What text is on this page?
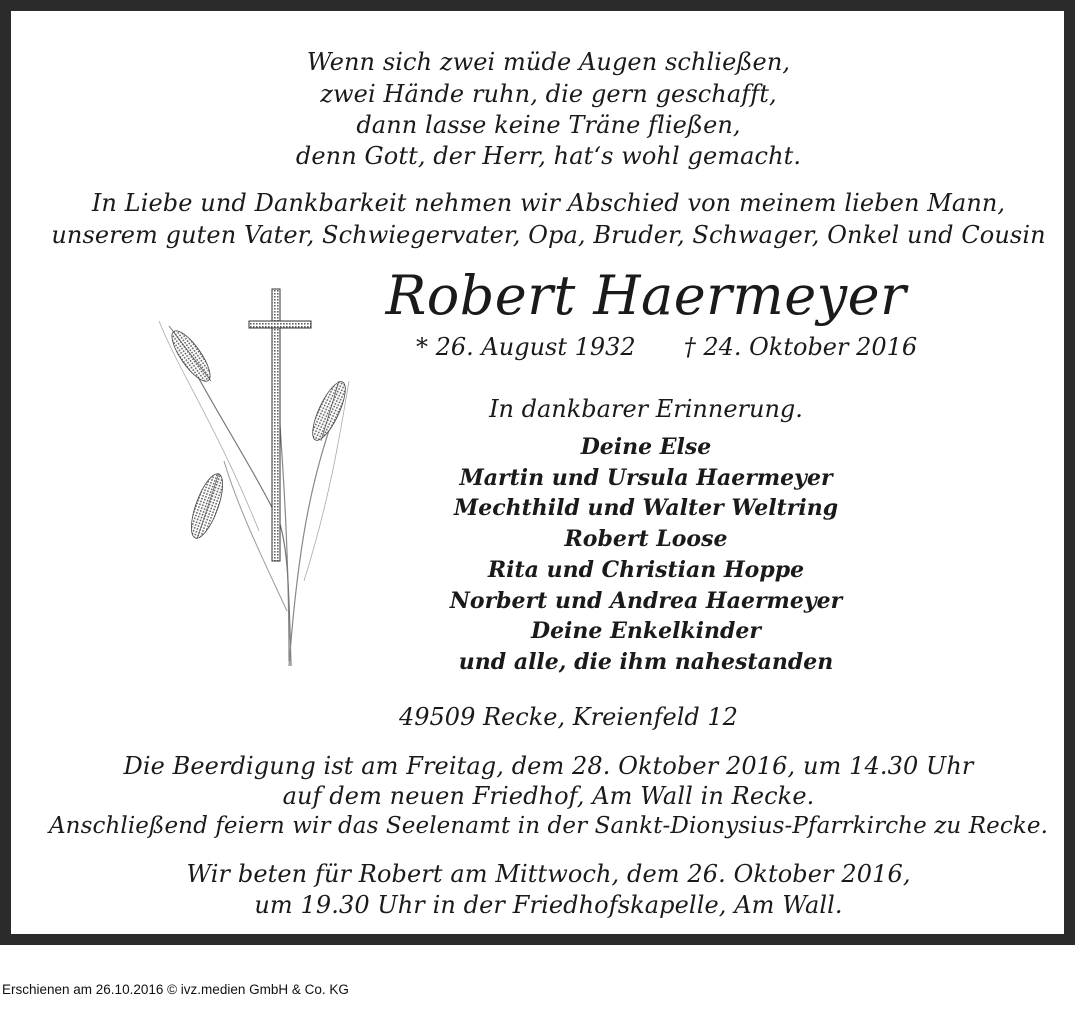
Wenn sich zwei müde Augen schließen,
zwei Hände ruhn, die gern geschafft,
dann lasse keine Träne fließen,
denn Gott, der Herr, hat‘s wohl gemacht.
In Liebe und Dankbarkeit nehmen wir Abschied von meinem lieben Mann,
unserem guten Vater, Schwiegervater, Opa, Bruder, Schwager, Onkel und Cousin
Robert Haermeyer
* 26. August 1932 † 24. Oktober 2016
In dankbarer Erinnerung.
Deine Else
Martin und Ursula Haermeyer
Mechthild und Walter Weltring
Robert Loose
Rita und Christian Hoppe
Norbert und Andrea Haermeyer
Deine Enkelkinder
und alle, die ihm nahestanden
49509 Recke, Kreienfeld 12
Die Beerdigung ist am Freitag, dem 28. Oktober 2016, um 14.30 Uhr
auf dem neuen Friedhof, Am Wall in Recke.
Anschließend feiern wir das Seelenamt in der Sankt-Dionysius-Pfarrkirche zu Recke.
Wir beten für Robert am Mittwoch, dem 26. Oktober 2016,
um 19.30 Uhr in der Friedhofskapelle, Am Wall.
Erschienen am 26.10.2016 © ivz.medien GmbH & Co. KG
